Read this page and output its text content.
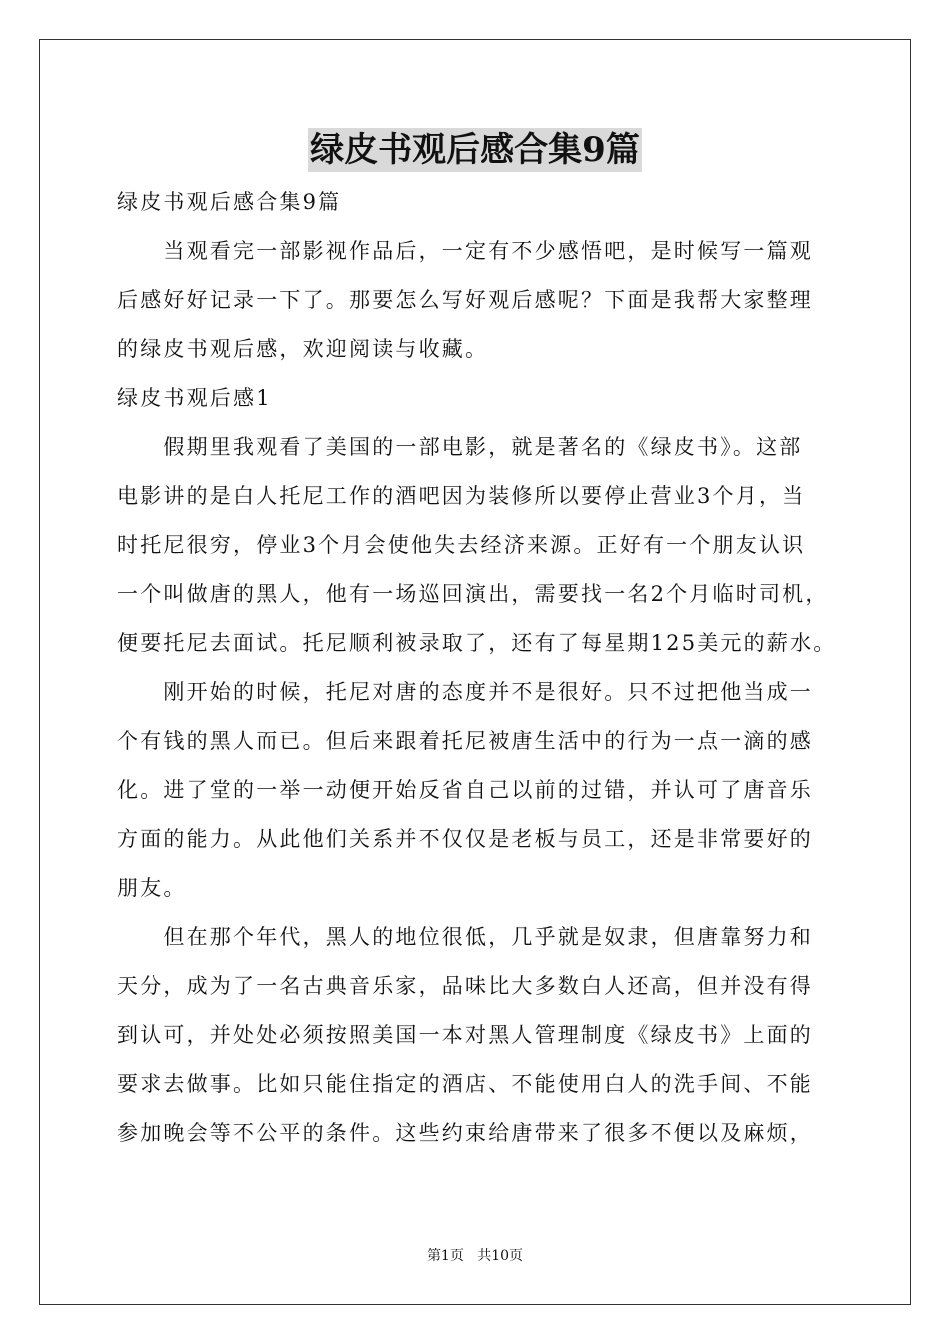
绿皮书观后感合集9篇
绿皮书观后感合集9篇
　　当观看完一部影视作品后，一定有不少感悟吧，是时候写一篇观
后感好好记录一下了。那要怎么写好观后感呢？下面是我帮大家整理
的绿皮书观后感，欢迎阅读与收藏。
绿皮书观后感1
　　假期里我观看了美国的一部电影，就是著名的《绿皮书》。这部
电影讲的是白人托尼工作的酒吧因为装修所以要停止营业3个月，当
时托尼很穷，停业3个月会使他失去经济来源。正好有一个朋友认识
一个叫做唐的黑人，他有一场巡回演出，需要找一名2个月临时司机，
便要托尼去面试。托尼顺利被录取了，还有了每星期125美元的薪水。
　　刚开始的时候，托尼对唐的态度并不是很好。只不过把他当成一
个有钱的黑人而已。但后来跟着托尼被唐生活中的行为一点一滴的感
化。进了堂的一举一动便开始反省自己以前的过错，并认可了唐音乐
方面的能力。从此他们关系并不仅仅是老板与员工，还是非常要好的
朋友。
　　但在那个年代，黑人的地位很低，几乎就是奴隶，但唐靠努力和
天分，成为了一名古典音乐家，品味比大多数白人还高，但并没有得
到认可，并处处必须按照美国一本对黑人管理制度《绿皮书》上面的
要求去做事。比如只能住指定的酒店、不能使用白人的洗手间、不能
参加晚会等不公平的条件。这些约束给唐带来了很多不便以及麻烦，
第1页 共10页
